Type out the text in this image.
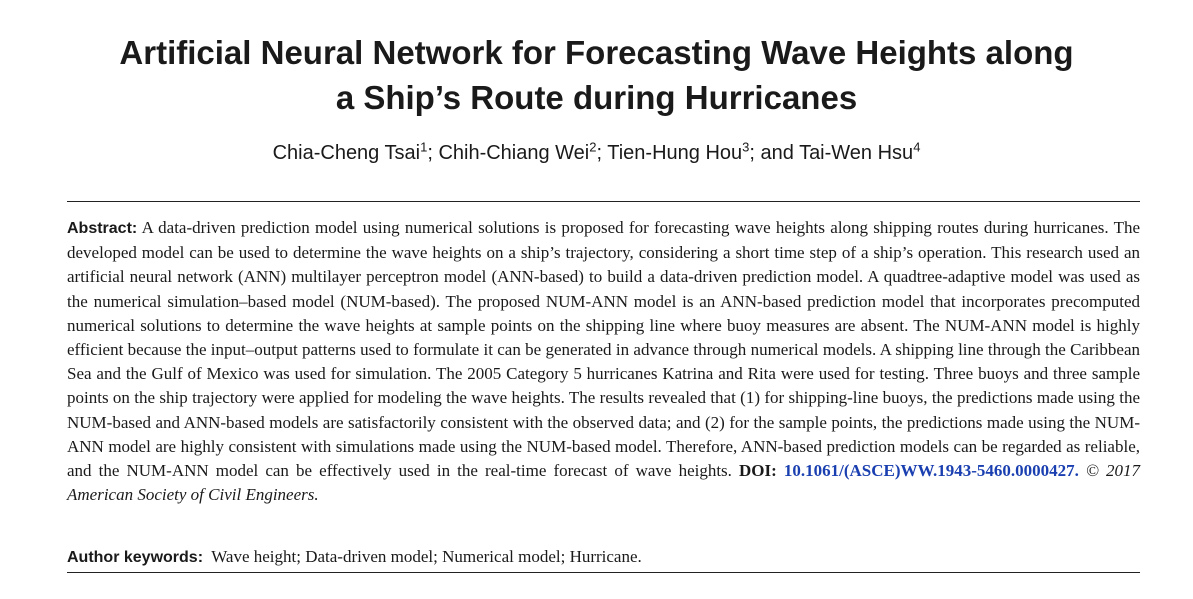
Artificial Neural Network for Forecasting Wave Heights along
a Ship’s Route during Hurricanes
Chia-Cheng Tsai$^1$; Chih-Chiang Wei$^2$; Tien-Hung Hou$^3$; and Tai-Wen Hsu$^4$

Abstract: A data-driven prediction model using numerical solutions is proposed for forecasting wave heights along shipping routes during hurricanes. The developed model can be used to determine the wave heights on a ship’s trajectory, considering a short time step of a ship’s operation. This research used an artificial neural network (ANN) multilayer perceptron model (ANN-based) to build a data-driven prediction model. A quadtree-adaptive model was used as the numerical simulation–based model (NUM-based). The proposed NUM-ANN model is an ANN-based prediction model that incorporates precomputed numerical solutions to determine the wave heights at sample points on the shipping line where buoy measures are absent. The NUM-ANN model is highly efficient because the input–output patterns used to formulate it can be generated in advance through numerical models. A shipping line through the Caribbean Sea and the Gulf of Mexico was used for simulation. The 2005 Category 5 hurricanes Katrina and Rita were used for testing. Three buoys and three sample points on the ship trajectory were applied for modeling the wave heights. The results revealed that (1) for shipping-line buoys, the predictions made using the NUM-based and ANN-based models are satisfactorily consistent with the observed data; and (2) for the sample points, the predictions made using the NUM-ANN model are highly consistent with simulations made using the NUM-based model. Therefore, ANN-based prediction models can be regarded as reliable, and the NUM-ANN model can be effectively used in the real-time forecast of wave heights. DOI: 10.1061/(ASCE)WW.1943-5460.0000427. © 2017 American Society of Civil Engineers.

Author keywords: Wave height; Data-driven model; Numerical model; Hurricane.
